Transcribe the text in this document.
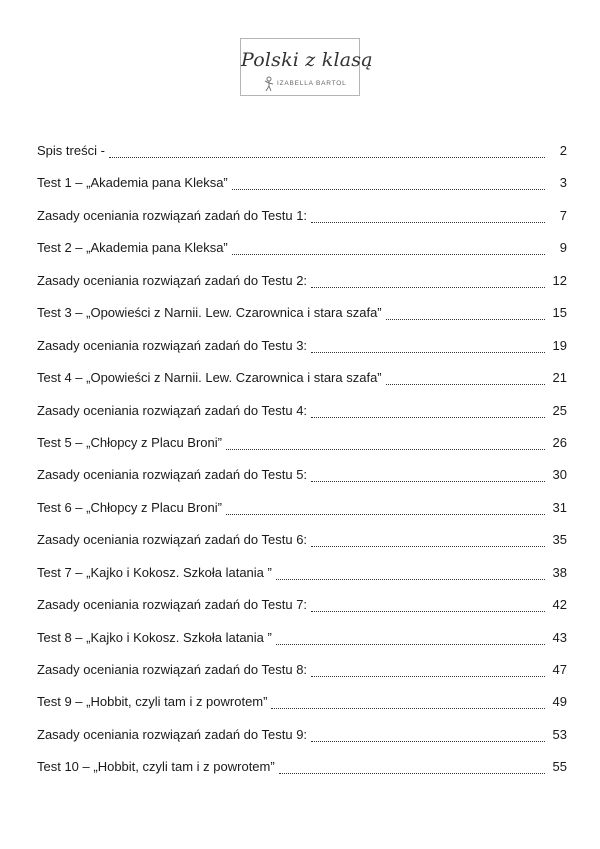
Polski z klasą
IZABELLA BARTOL
Spis treści -	2
Test 1 – „Akademia pana Kleksa”	3
Zasady oceniania rozwiązań zadań do Testu 1:	7
Test 2 – „Akademia pana Kleksa”	9
Zasady oceniania rozwiązań zadań do Testu 2:	12
Test 3 – „Opowieści z Narnii. Lew. Czarownica i stara szafa”	15
Zasady oceniania rozwiązań zadań do Testu 3:	19
Test 4 – „Opowieści z Narnii. Lew. Czarownica i stara szafa”	21
Zasady oceniania rozwiązań zadań do Testu 4:	25
Test 5 – „Chłopcy z Placu Broni”	26
Zasady oceniania rozwiązań zadań do Testu 5:	30
Test 6 – „Chłopcy z Placu Broni”	31
Zasady oceniania rozwiązań zadań do Testu 6:	35
Test 7 – „Kajko i Kokosz. Szkoła latania ”	38
Zasady oceniania rozwiązań zadań do Testu 7:	42
Test 8 – „Kajko i Kokosz. Szkoła latania ”	43
Zasady oceniania rozwiązań zadań do Testu 8:	47
Test 9 – „Hobbit, czyli tam i z powrotem”	49
Zasady oceniania rozwiązań zadań do Testu 9:	53
Test 10 – „Hobbit, czyli tam i z powrotem”	55
